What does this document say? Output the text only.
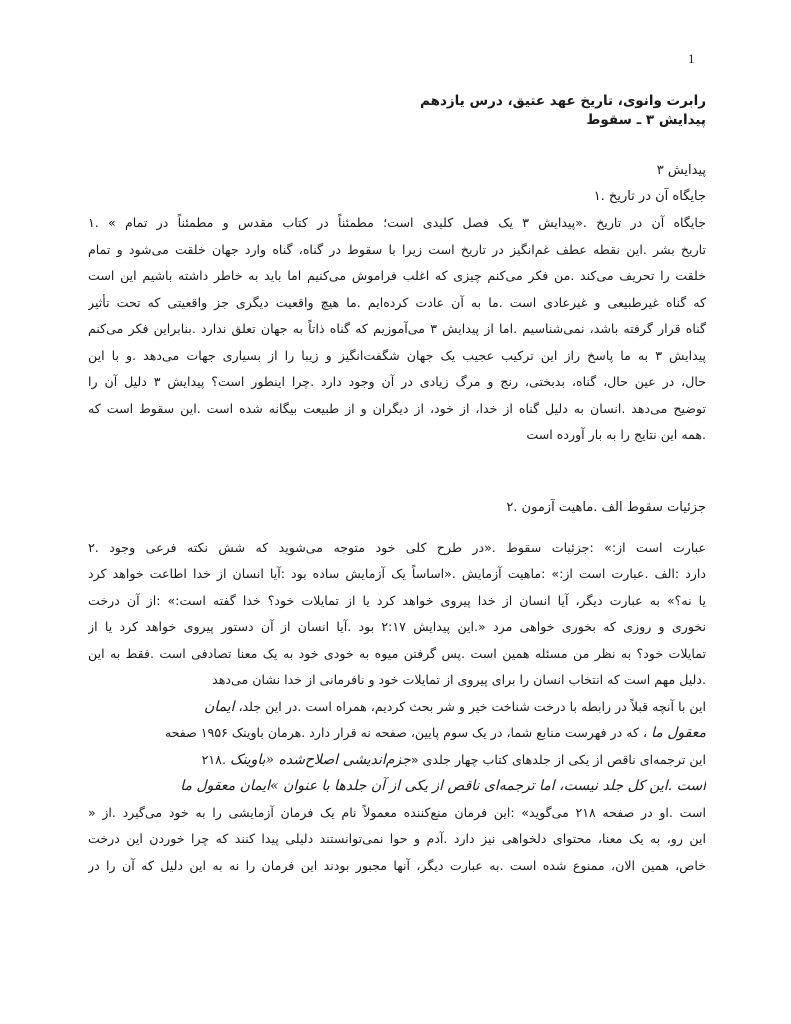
1

رابرت وانوی، تاریخ عهد عتیق، درس یازدهم

پیدایش ۳ ـ سقوط

پیدایش ۳

جایگاه آن در تاریخ .۱

جایگاه آن در تاریخ .«پیدایش ۳ یک فصل کلیدی است؛ مطمئناً در کتاب مقدس و مطمئناً در تمام » .۱

تاریخ بشر .این نقطه عطف غم‌انگیز در تاریخ است زیرا با سقوط در گناه، گناه وارد جهان خلقت می‌شود و تمام

خلقت را تحریف می‌کند .من فکر می‌کنم چیزی که اغلب فراموش می‌کنیم اما باید به خاطر داشته باشیم این است

که گناه غیرطبیعی و غیرعادی است .ما به آن عادت کرده‌ایم .ما هیچ واقعیت دیگری جز واقعیتی که تحت تأثیر

گناه قرار گرفته باشد، نمی‌شناسیم .اما از پیدایش ۳ می‌آموزیم که گناه ذاتاً به جهان تعلق ندارد .بنابراین فکر می‌کنم

پیدایش ۳ به ما پاسخ راز این ترکیب عجیب یک جهان شگفت‌انگیز و زیبا را از بسیاری جهات می‌دهد .و با این

حال، در عین حال، گناه، بدبختی، رنج و مرگ زیادی در آن وجود دارد .چرا اینطور است؟ پیدایش ۳ دلیل آن را

توضیح می‌دهد .انسان به دلیل گناه از خدا، از خود، از دیگران و از طبیعت بیگانه شده است .این سقوط است که

.همه این نتایج را به بار آورده است

جزئیات سقوط الف .ماهیت آزمون .۲

عبارت است از:» :جزئیات سقوط .«در طرح کلی خود متوجه می‌شوید که شش نکته فرعی وجود .۲

دارد :الف .عبارت است از:» :ماهیت آزمایش .«اساساً یک آزمایش ساده بود :آیا انسان از خدا اطاعت خواهد کرد

یا نه؟» به عبارت دیگر، آیا انسان از خدا پیروی خواهد کرد یا از تمایلات خود؟ خدا گفته است:» :از آن درخت

نخوری و روزی که بخوری خواهی مرد «.این پیدایش ۲:۱۷ بود .آیا انسان از آن دستور پیروی خواهد کرد یا از

تمایلات خود؟ به نظر من مسئله همین است .پس گرفتن میوه به خودی خود به یک معنا تصادفی است .فقط به این

.دلیل مهم است که انتخاب انسان را برای پیروی از تمایلات خود و نافرمانی از خدا نشان می‌دهد

این با آنچه قبلاً در رابطه با درخت شناخت خیر و شر بحث کردیم، همراه است .در این جلد، ایمان

معقول ما ، که در فهرست منابع شما، در یک سوم پایین، صفحه نه قرار دارد .هرمان باوینک ۱۹۵۶ صفحه

این ترجمه‌ای ناقص از یکی از جلدهای کتاب چهار جلدی «جزم‌اندیشی اصلاح‌شده «باوینک .۲۱۸

است .این کل جلد نیست، اما ترجمه‌ای ناقص از یکی از آن جلدها با عنوان »ایمان معقول ما

است .او در صفحه ۲۱۸ می‌گوید» :این فرمان منع‌کننده معمولاً نام یک فرمان آزمایشی را به خود می‌گیرد .از «

این رو، به یک معنا، محتوای دلخواهی نیز دارد .آدم و حوا نمی‌توانستند دلیلی پیدا کنند که چرا خوردن این درخت

خاص، همین الان، ممنوع شده است .به عبارت دیگر، آنها مجبور بودند این فرمان را نه به این دلیل که آن را در
